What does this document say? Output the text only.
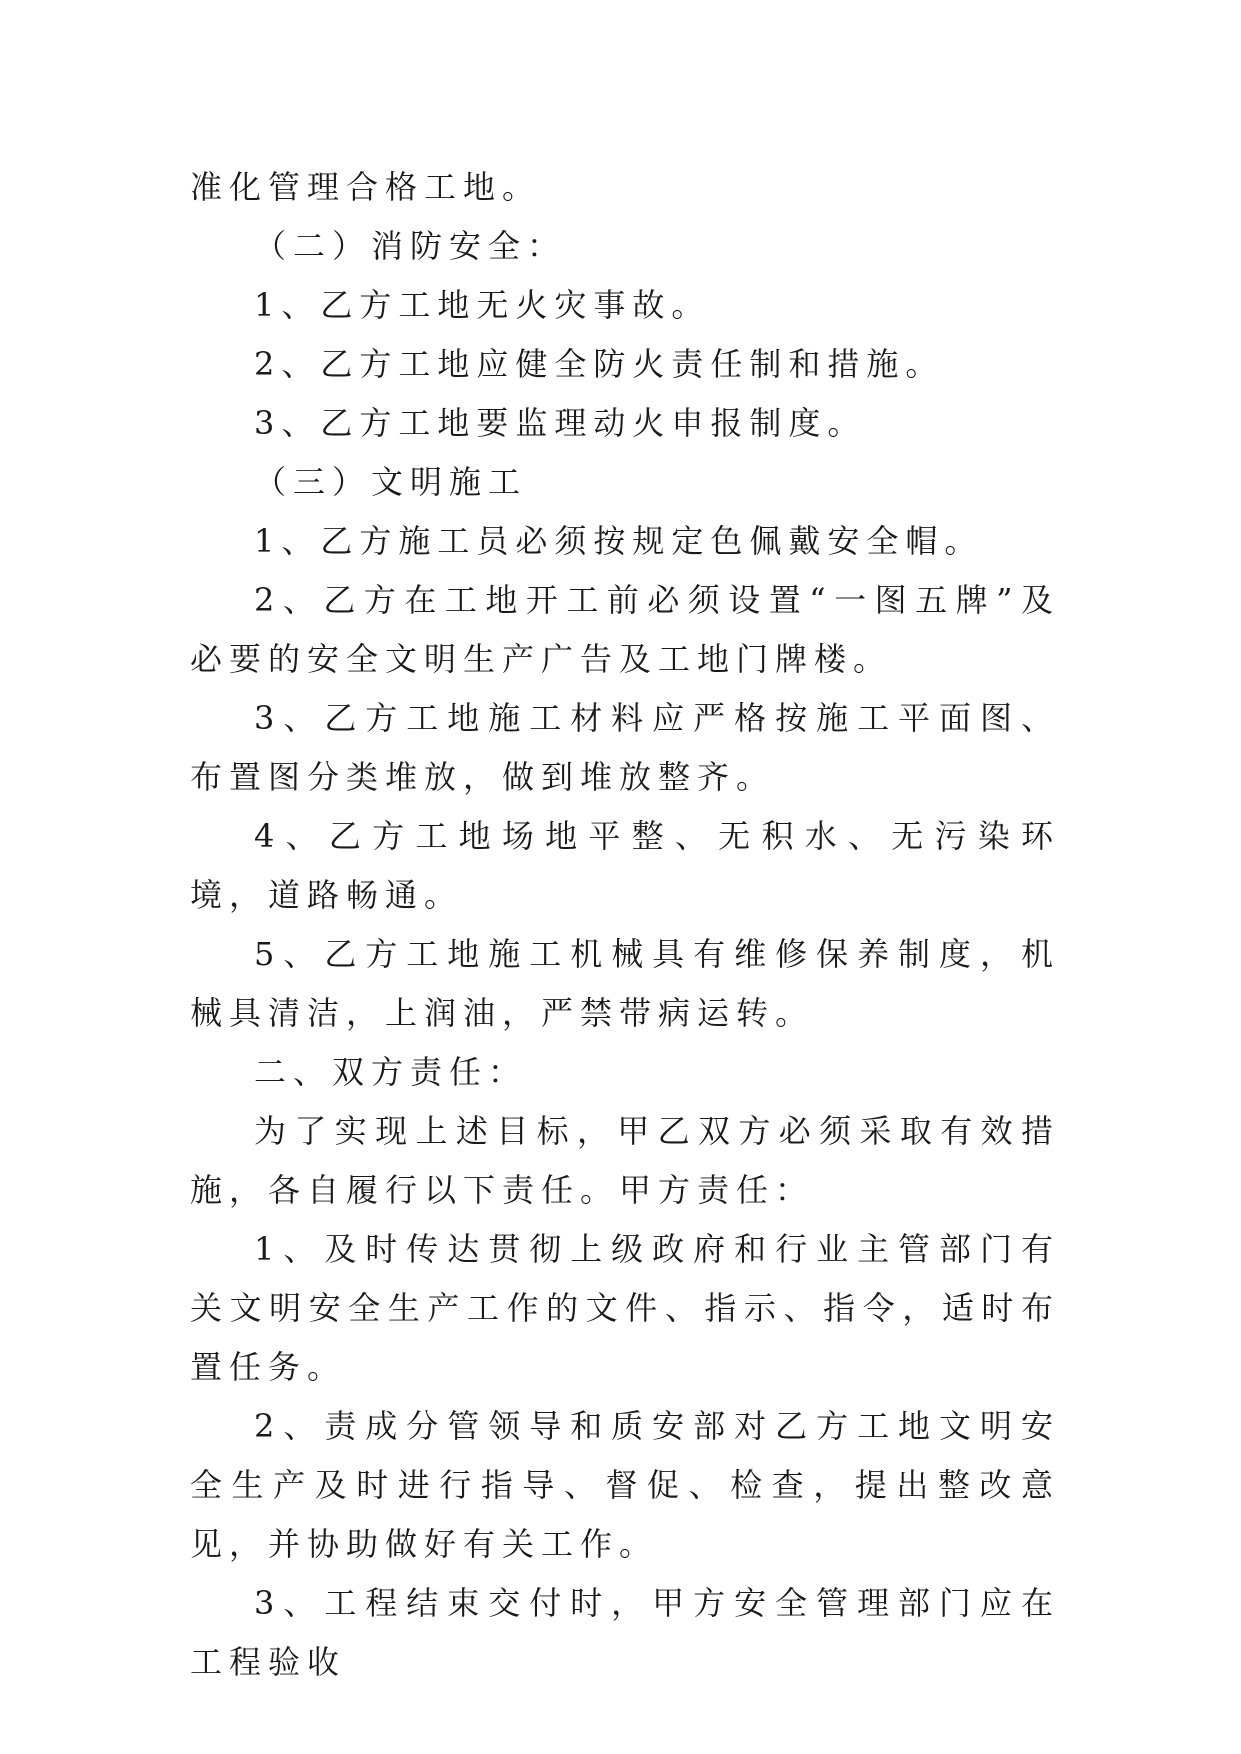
准化管理合格工地。

（二）消防安全：

1、乙方工地无火灾事故。

2、乙方工地应健全防火责任制和措施。

3、乙方工地要监理动火申报制度。

（三）文明施工

1、乙方施工员必须按规定色佩戴安全帽。

2、乙方在工地开工前必须设置“一图五牌”及必要的安全文明生产广告及工地门牌楼。

3、乙方工地施工材料应严格按施工平面图、布置图分类堆放，做到堆放整齐。

4、乙方工地场地平整、无积水、无污染环境，道路畅通。

5、乙方工地施工机械具有维修保养制度，机械具清洁，上润油，严禁带病运转。

二、双方责任：

为了实现上述目标，甲乙双方必须采取有效措施，各自履行以下责任。甲方责任：

1、及时传达贯彻上级政府和行业主管部门有关文明安全生产工作的文件、指示、指令，适时布置任务。

2、责成分管领导和质安部对乙方工地文明安全生产及时进行指导、督促、检查，提出整改意见，并协助做好有关工作。

3、工程结束交付时，甲方安全管理部门应在工程验收
